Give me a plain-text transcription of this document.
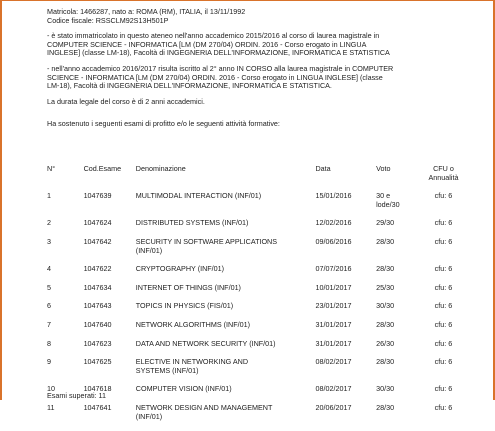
Matricola: 1466287, nato a: ROMA (RM), ITALIA, il 13/11/1992

Codice fiscale: RSSCLM92S13H501P

- è stato immatricolato in questo ateneo nell'anno accademico 2015/2016 al corso di laurea magistrale in

COMPUTER SCIENCE - INFORMATICA [LM (DM 270/04) ORDIN. 2016 - Corso erogato in LINGUA

INGLESE] (classe LM-18), Facoltà di INGEGNERIA DELL'INFORMAZIONE, INFORMATICA E STATISTICA

- nell'anno accademico 2016/2017 risulta iscritto al 2° anno IN CORSO alla laurea magistrale in COMPUTER

SCIENCE - INFORMATICA [LM (DM 270/04) ORDIN. 2016 - Corso erogato in LINGUA INGLESE] (classe

LM-18), Facoltà di INGEGNERIA DELL'INFORMAZIONE, INFORMATICA E STATISTICA.

La durata legale del corso è di 2 anni accademici.

Ha sostenuto i seguenti esami di profitto e/o le seguenti attività formative:

N°	Cod.Esame	Denominazione	Data	Voto	CFU o
Annualità

1	1047639	MULTIMODAL INTERACTION (INF/01)	15/01/2016	30 e
lode/30	cfu: 6
2	1047624	DISTRIBUTED SYSTEMS (INF/01)	12/02/2016	29/30	cfu: 6
3	1047642	SECURITY IN SOFTWARE APPLICATIONS
(INF/01)	09/06/2016	28/30	cfu: 6
4	1047622	CRYPTOGRAPHY (INF/01)	07/07/2016	28/30	cfu: 6
5	1047634	INTERNET OF THINGS (INF/01)	10/01/2017	25/30	cfu: 6
6	1047643	TOPICS IN PHYSICS (FIS/01)	23/01/2017	30/30	cfu: 6
7	1047640	NETWORK ALGORITHMS (INF/01)	31/01/2017	28/30	cfu: 6
8	1047623	DATA AND NETWORK SECURITY (INF/01)	31/01/2017	26/30	cfu: 6
9	1047625	ELECTIVE IN NETWORKING AND
SYSTEMS (INF/01)	08/02/2017	28/30	cfu: 6
10	1047618	COMPUTER VISION (INF/01)	08/02/2017	30/30	cfu: 6
11	1047641	NETWORK DESIGN AND MANAGEMENT
(INF/01)	20/06/2017	28/30	cfu: 6

Esami superati: 11
